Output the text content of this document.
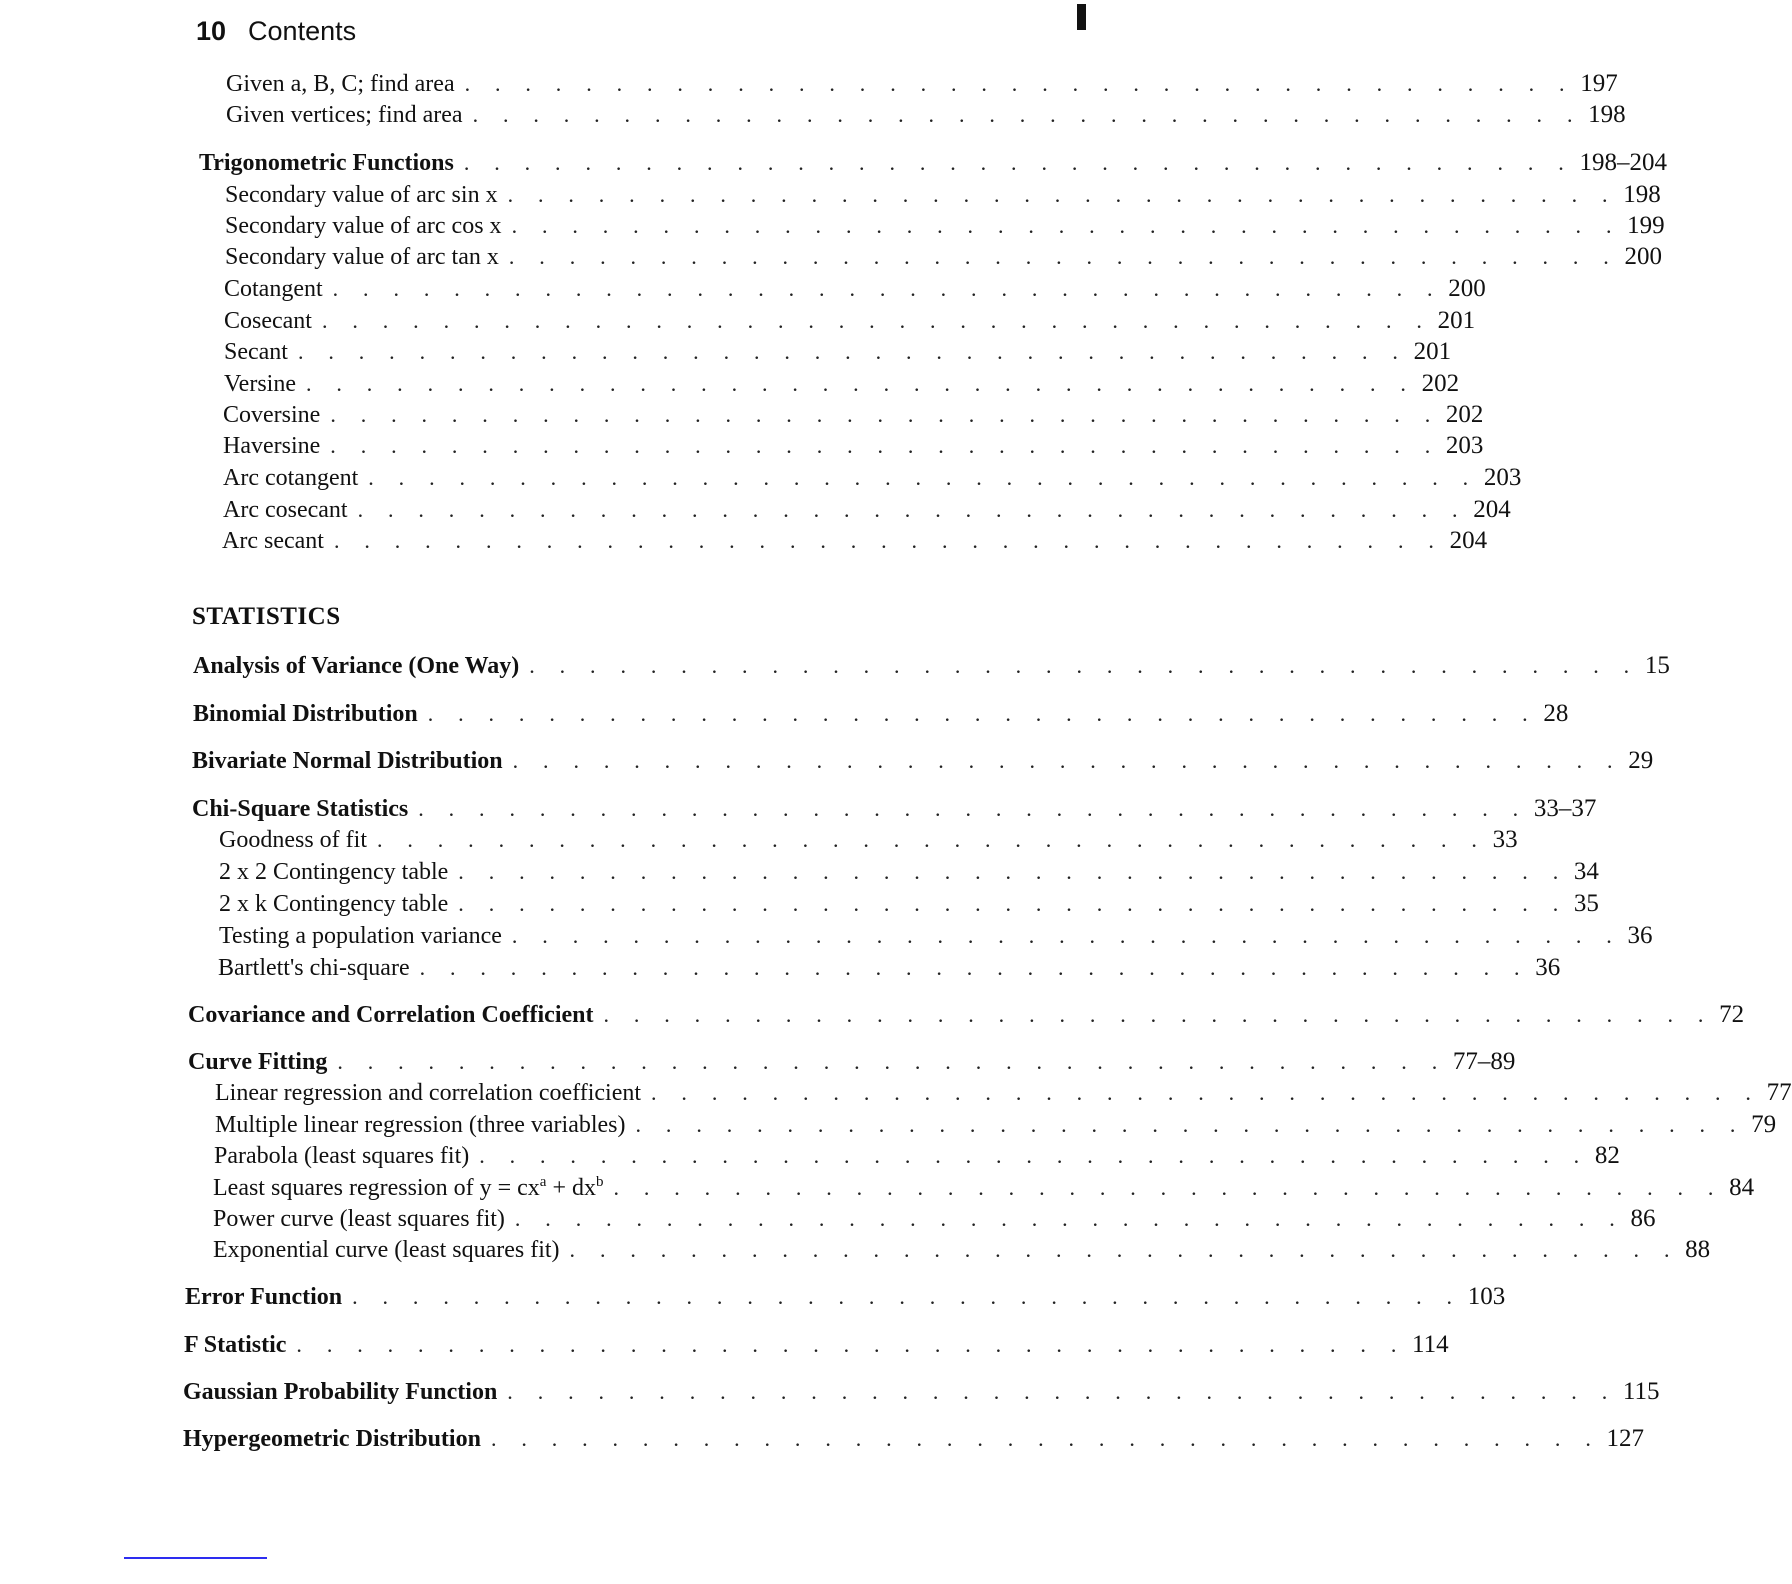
10 Contents
Given a, B, C; find area . . . . . . . . . . . . . . . . . . . . . . . . . . . . . . . . . . . . . 197
Given vertices; find area . . . . . . . . . . . . . . . . . . . . . . . . . . . . . . . . . . . . . 198
Trigonometric Functions . . . . . . . . . . . . . . . . . . . . . . . . . . . . . . . . . . . . . 198–204
Secondary value of arc sin x . . . . . . . . . . . . . . . . . . . . . . . . . . . . . . . . . . . . . 198
Secondary value of arc cos x . . . . . . . . . . . . . . . . . . . . . . . . . . . . . . . . . . . . . 199
Secondary value of arc tan x . . . . . . . . . . . . . . . . . . . . . . . . . . . . . . . . . . . . . 200
Cotangent . . . . . . . . . . . . . . . . . . . . . . . . . . . . . . . . . . . . . 200
Cosecant . . . . . . . . . . . . . . . . . . . . . . . . . . . . . . . . . . . . . 201
Secant . . . . . . . . . . . . . . . . . . . . . . . . . . . . . . . . . . . . . 201
Versine . . . . . . . . . . . . . . . . . . . . . . . . . . . . . . . . . . . . . 202
Coversine . . . . . . . . . . . . . . . . . . . . . . . . . . . . . . . . . . . . . 202
Haversine . . . . . . . . . . . . . . . . . . . . . . . . . . . . . . . . . . . . . 203
Arc cotangent . . . . . . . . . . . . . . . . . . . . . . . . . . . . . . . . . . . . . 203
Arc cosecant . . . . . . . . . . . . . . . . . . . . . . . . . . . . . . . . . . . . . 204
Arc secant . . . . . . . . . . . . . . . . . . . . . . . . . . . . . . . . . . . . . 204
STATISTICS
Analysis of Variance (One Way) . . . . . . . . . . . . . . . . . . . . . . . . . . . . . . . . . . . . . 15
Binomial Distribution . . . . . . . . . . . . . . . . . . . . . . . . . . . . . . . . . . . . . 28
Bivariate Normal Distribution . . . . . . . . . . . . . . . . . . . . . . . . . . . . . . . . . . . . . 29
Chi-Square Statistics . . . . . . . . . . . . . . . . . . . . . . . . . . . . . . . . . . . . . 33–37
Goodness of fit . . . . . . . . . . . . . . . . . . . . . . . . . . . . . . . . . . . . . 33
2 x 2 Contingency table . . . . . . . . . . . . . . . . . . . . . . . . . . . . . . . . . . . . . 34
2 x k Contingency table . . . . . . . . . . . . . . . . . . . . . . . . . . . . . . . . . . . . . 35
Testing a population variance . . . . . . . . . . . . . . . . . . . . . . . . . . . . . . . . . . . . . 36
Bartlett's chi-square . . . . . . . . . . . . . . . . . . . . . . . . . . . . . . . . . . . . . 36
Covariance and Correlation Coefficient . . . . . . . . . . . . . . . . . . . . . . . . . . . . . . . . . . . . . 72
Curve Fitting . . . . . . . . . . . . . . . . . . . . . . . . . . . . . . . . . . . . . 77–89
Linear regression and correlation coefficient . . . . . . . . . . . . . . . . . . . . . . . . . . . . . . . . . . . . . 77
Multiple linear regression (three variables) . . . . . . . . . . . . . . . . . . . . . . . . . . . . . . . . . . . . . 79
Parabola (least squares fit) . . . . . . . . . . . . . . . . . . . . . . . . . . . . . . . . . . . . . 82
Least squares regression of $y = cx^a + dx^b$ . . . . . . . . . . . . . . . . . . . . . . . . . . . . . . . . . . . . . 84
Power curve (least squares fit) . . . . . . . . . . . . . . . . . . . . . . . . . . . . . . . . . . . . . 86
Exponential curve (least squares fit) . . . . . . . . . . . . . . . . . . . . . . . . . . . . . . . . . . . . . 88
Error Function . . . . . . . . . . . . . . . . . . . . . . . . . . . . . . . . . . . . . 103
F Statistic . . . . . . . . . . . . . . . . . . . . . . . . . . . . . . . . . . . . . 114
Gaussian Probability Function . . . . . . . . . . . . . . . . . . . . . . . . . . . . . . . . . . . . . 115
Hypergeometric Distribution . . . . . . . . . . . . . . . . . . . . . . . . . . . . . . . . . . . . . 127
